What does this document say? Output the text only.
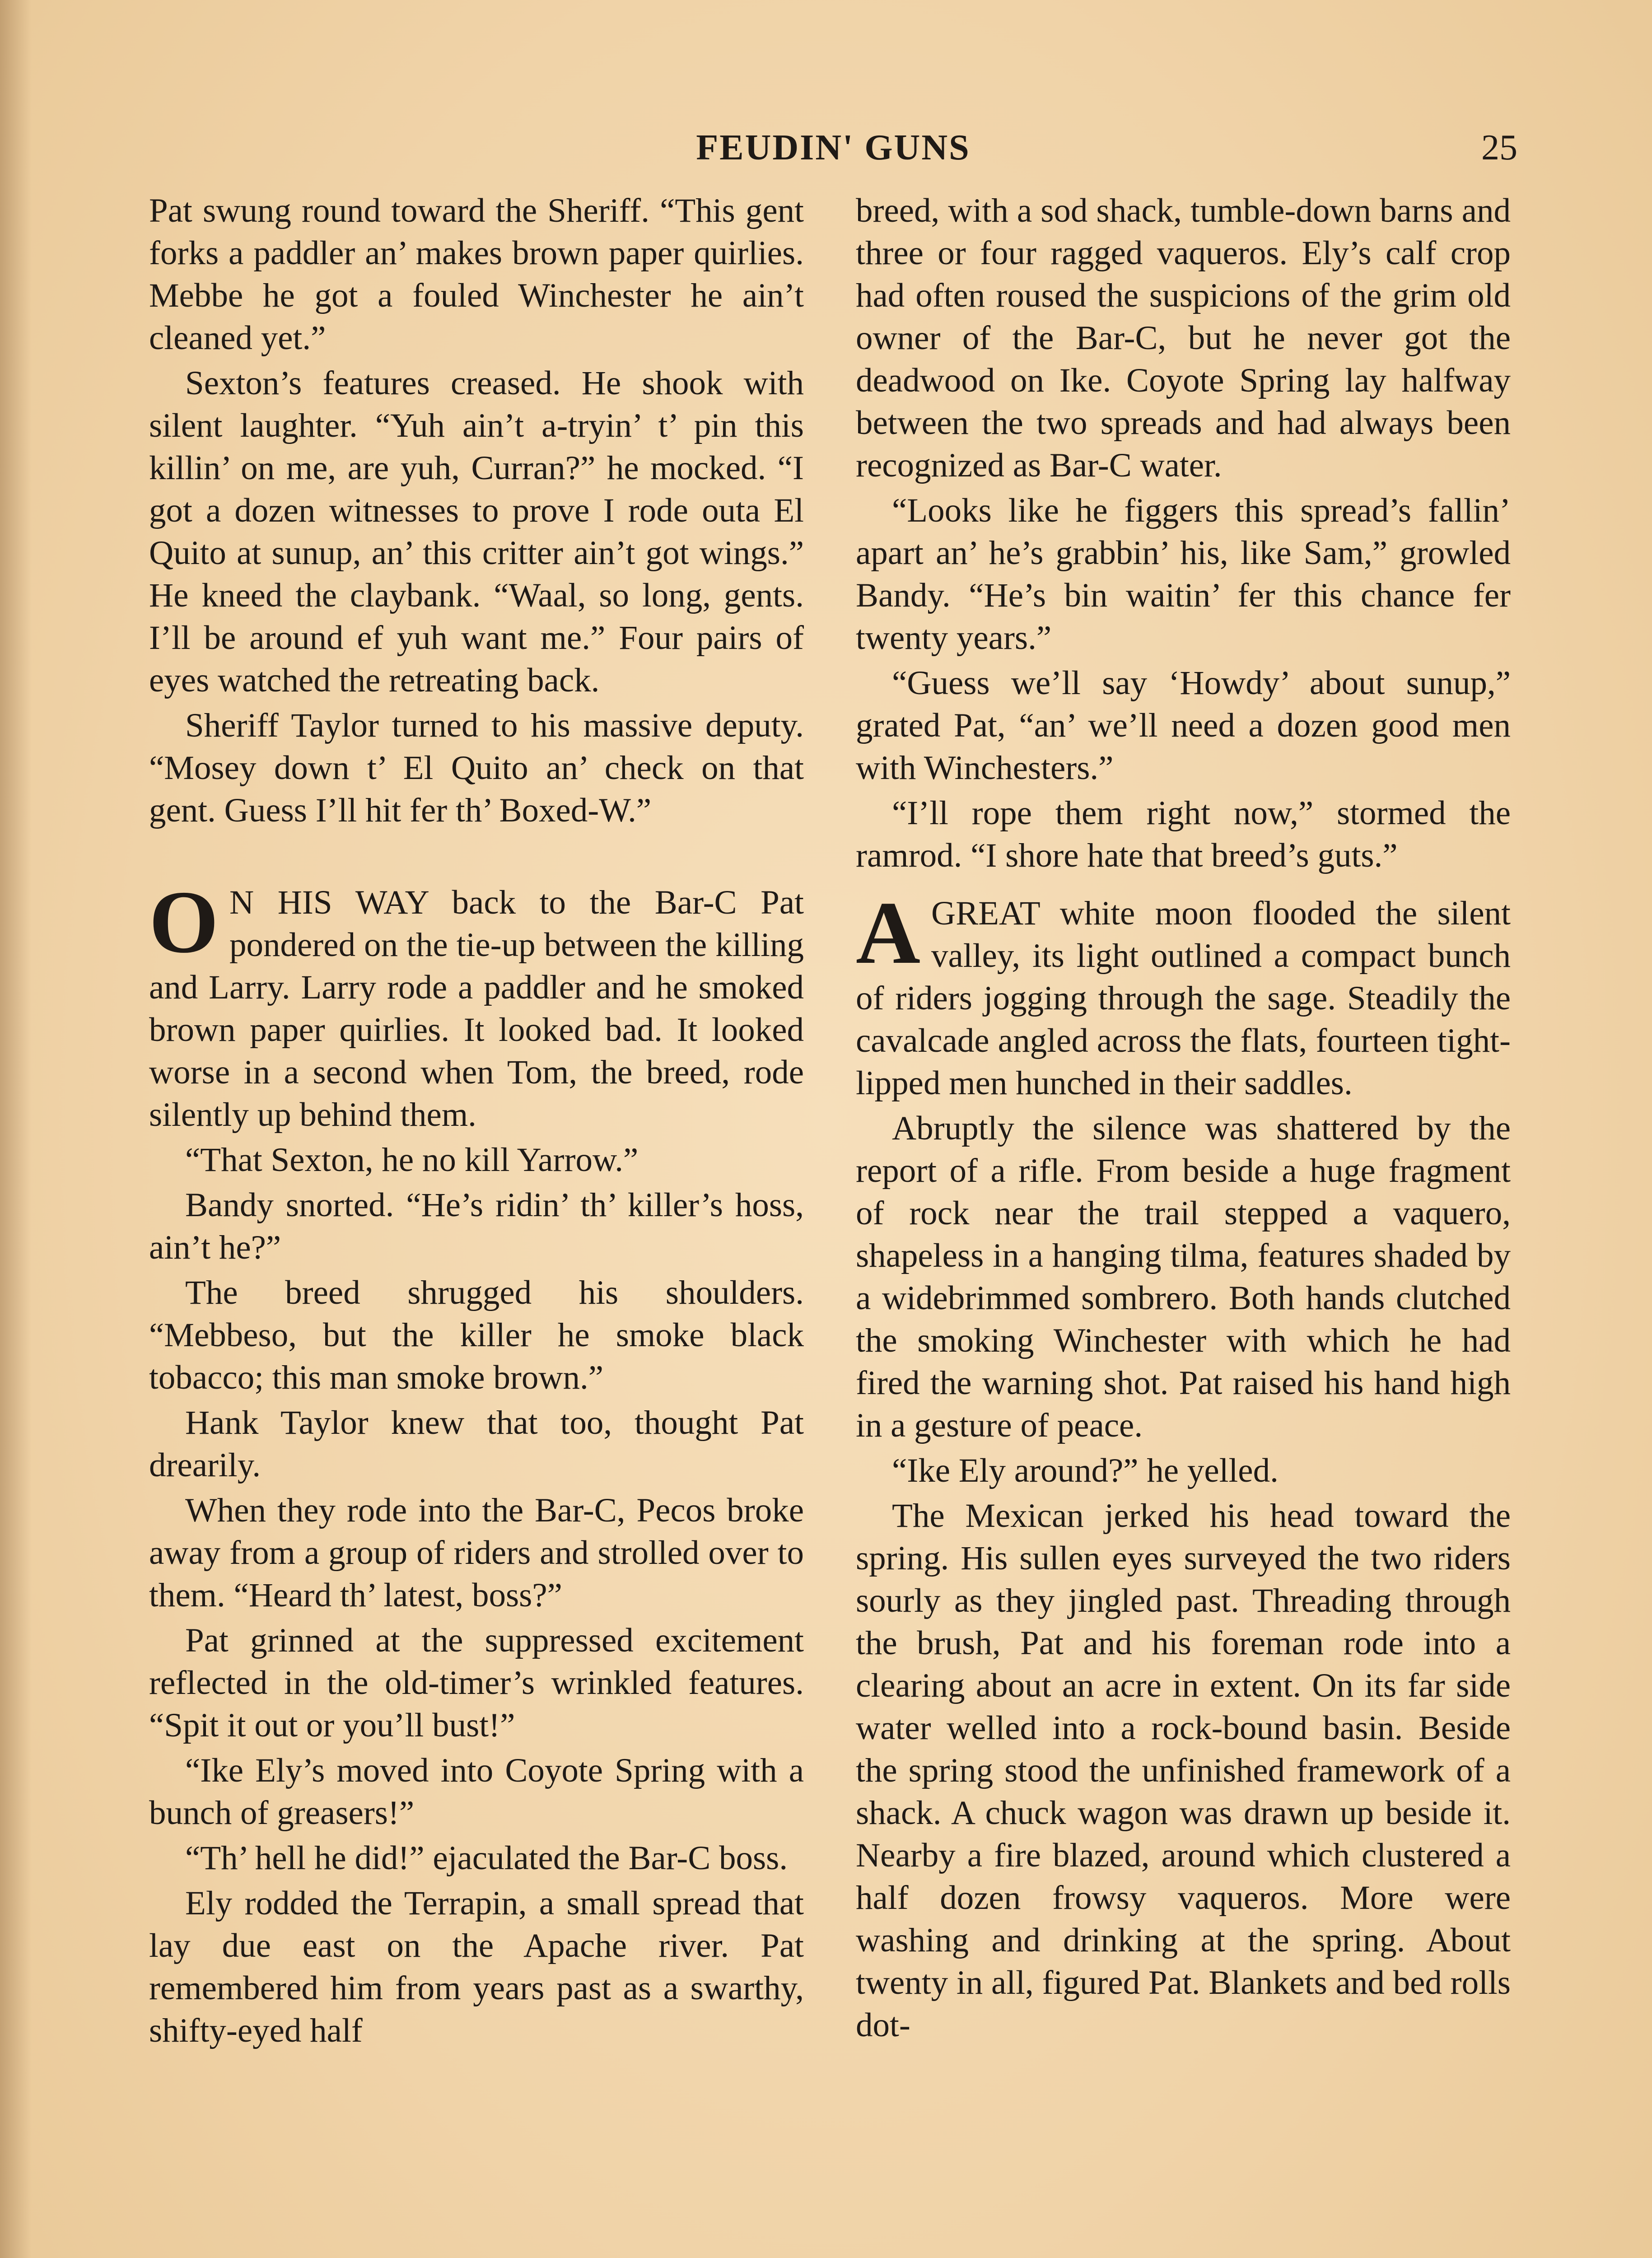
FEUDIN' GUNS	25

Pat swung round toward the Sheriff. “This gent forks a paddler an’ makes brown paper quirlies. Mebbe he got a fouled Winchester he ain’t cleaned yet.”

Sexton’s features creased. He shook with silent laughter. “Yuh ain’t a-tryin’ t’ pin this killin’ on me, are yuh, Curran?” he mocked. “I got a dozen witnesses to prove I rode outa El Quito at sunup, an’ this critter ain’t got wings.” He kneed the claybank. “Waal, so long, gents. I’ll be around ef yuh want me.” Four pairs of eyes watched the retreating back.

Sheriff Taylor turned to his massive deputy. “Mosey down t’ El Quito an’ check on that gent. Guess I’ll hit fer th’ Boxed-W.”

O N HIS WAY back to the Bar-C Pat pondered on the tie-up between the killing and Larry. Larry rode a paddler and he smoked brown paper quirlies. It looked bad. It looked worse in a second when Tom, the breed, rode silently up behind them.

“That Sexton, he no kill Yarrow.”

Bandy snorted. “He’s ridin’ th’ killer’s hoss, ain’t he?”

The breed shrugged his shoulders. “Mebbeso, but the killer he smoke black tobacco; this man smoke brown.”

Hank Taylor knew that too, thought Pat drearily.

When they rode into the Bar-C, Pecos broke away from a group of riders and strolled over to them. “Heard th’ latest, boss?”

Pat grinned at the suppressed excitement reflected in the old-timer’s wrinkled features. “Spit it out or you’ll bust!”

“Ike Ely’s moved into Coyote Spring with a bunch of greasers!”

“Th’ hell he did!” ejaculated the Bar-C boss.

Ely rodded the Terrapin, a small spread that lay due east on the Apache river. Pat remembered him from years past as a swarthy, shifty-eyed half

breed, with a sod shack, tumble-down barns and three or four ragged vaqueros. Ely’s calf crop had often roused the suspicions of the grim old owner of the Bar-C, but he never got the deadwood on Ike. Coyote Spring lay halfway between the two spreads and had always been recognized as Bar-C water.

“Looks like he figgers this spread’s fallin’ apart an’ he’s grabbin’ his, like Sam,” growled Bandy. “He’s bin waitin’ fer this chance fer twenty years.”

“Guess we’ll say ‘Howdy’ about sunup,” grated Pat, “an’ we’ll need a dozen good men with Winchesters.”

“I’ll rope them right now,” stormed the ramrod. “I shore hate that breed’s guts.”

AGREAT white moon flooded the silent valley, its light outlined a compact bunch of riders jogging through the sage. Steadily the cavalcade angled across the flats, fourteen tight-lipped men hunched in their saddles.

Abruptly the silence was shattered by the report of a rifle. From beside a huge fragment of rock near the trail stepped a vaquero, shapeless in a hanging tilma, features shaded by a widebrimmed sombrero. Both hands clutched the smoking Winchester with which he had fired the warning shot. Pat raised his hand high in a gesture of peace.

“Ike Ely around?” he yelled.

The Mexican jerked his head toward the spring. His sullen eyes surveyed the two riders sourly as they jingled past. Threading through the brush, Pat and his foreman rode into a clearing about an acre in extent. On its far side water welled into a rock-bound basin. Beside the spring stood the unfinished framework of a shack. A chuck wagon was drawn up beside it. Nearby a fire blazed, around which clustered a half dozen frowsy vaqueros. More were washing and drinking at the spring. About twenty in all, figured Pat. Blankets and bed rolls dot-
